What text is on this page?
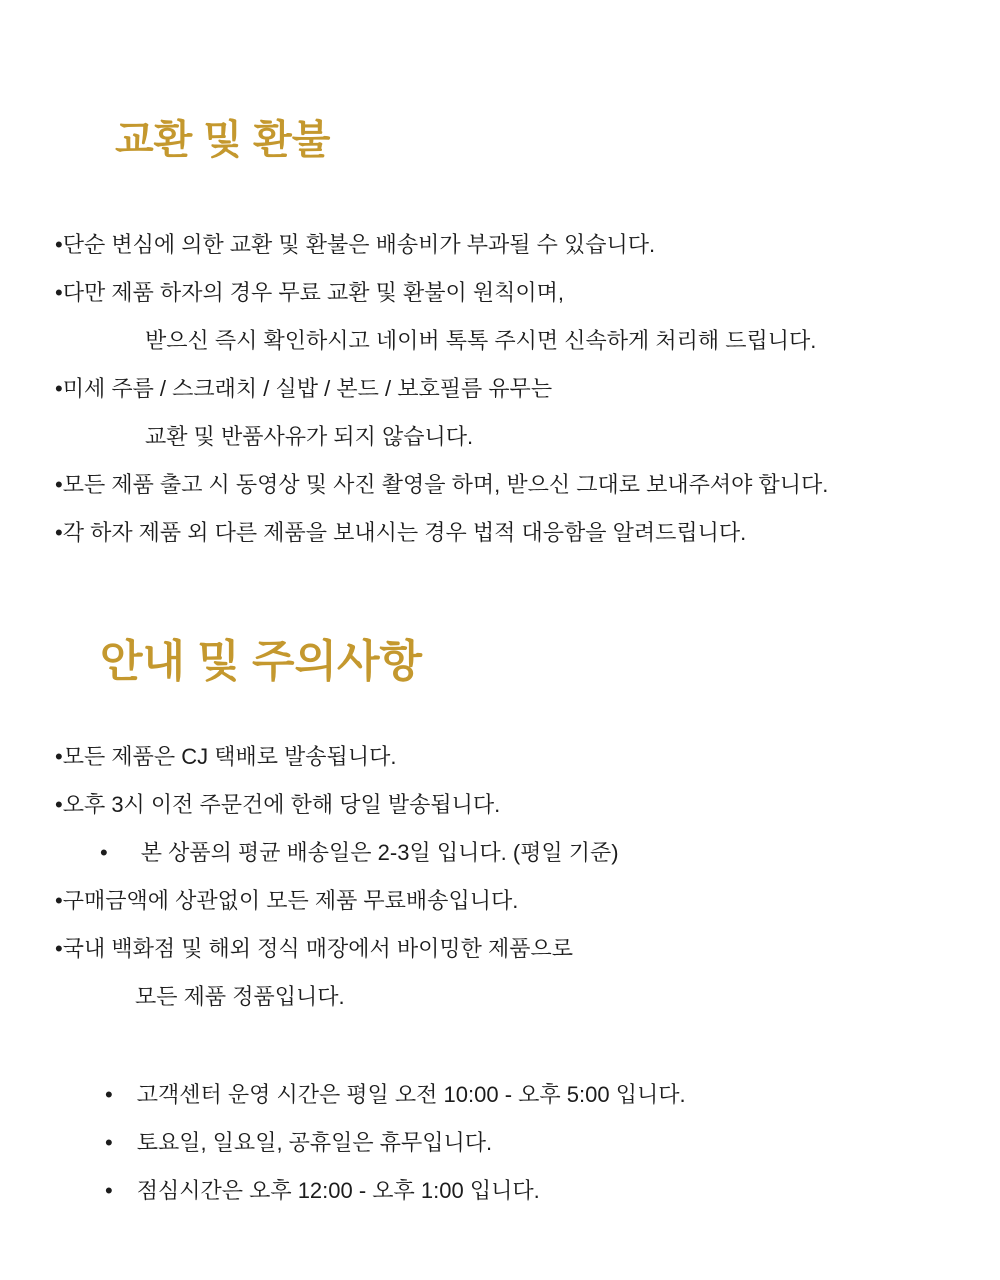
교환 및 환불
•단순 변심에 의한 교환 및 환불은 배송비가 부과될 수 있습니다.
•다만 제품 하자의 경우 무료 교환 및 환불이 원칙이며,
받으신 즉시 확인하시고 네이버 톡톡 주시면 신속하게 처리해 드립니다.
•미세 주름 / 스크래치 / 실밥 / 본드 / 보호필름 유무는
교환 및 반품사유가 되지 않습니다.
•모든 제품 출고 시 동영상 및 사진 촬영을 하며, 받으신 그대로 보내주셔야 합니다.
•각 하자 제품 외 다른 제품을 보내시는 경우 법적 대응함을 알려드립니다.
안내 및 주의사항
•모든 제품은 CJ 택배로 발송됩니다.
•오후 3시 이전 주문건에 한해 당일 발송됩니다.
• 본 상품의 평균 배송일은 2-3일 입니다. (평일 기준)
•구매금액에 상관없이 모든 제품 무료배송입니다.
•국내 백화점 및 해외 정식 매장에서 바이밍한 제품으로
모든 제품 정품입니다.
• 고객센터 운영 시간은 평일 오전 10:00 - 오후 5:00 입니다.
• 토요일, 일요일, 공휴일은 휴무입니다.
• 점심시간은 오후 12:00 - 오후 1:00 입니다.
